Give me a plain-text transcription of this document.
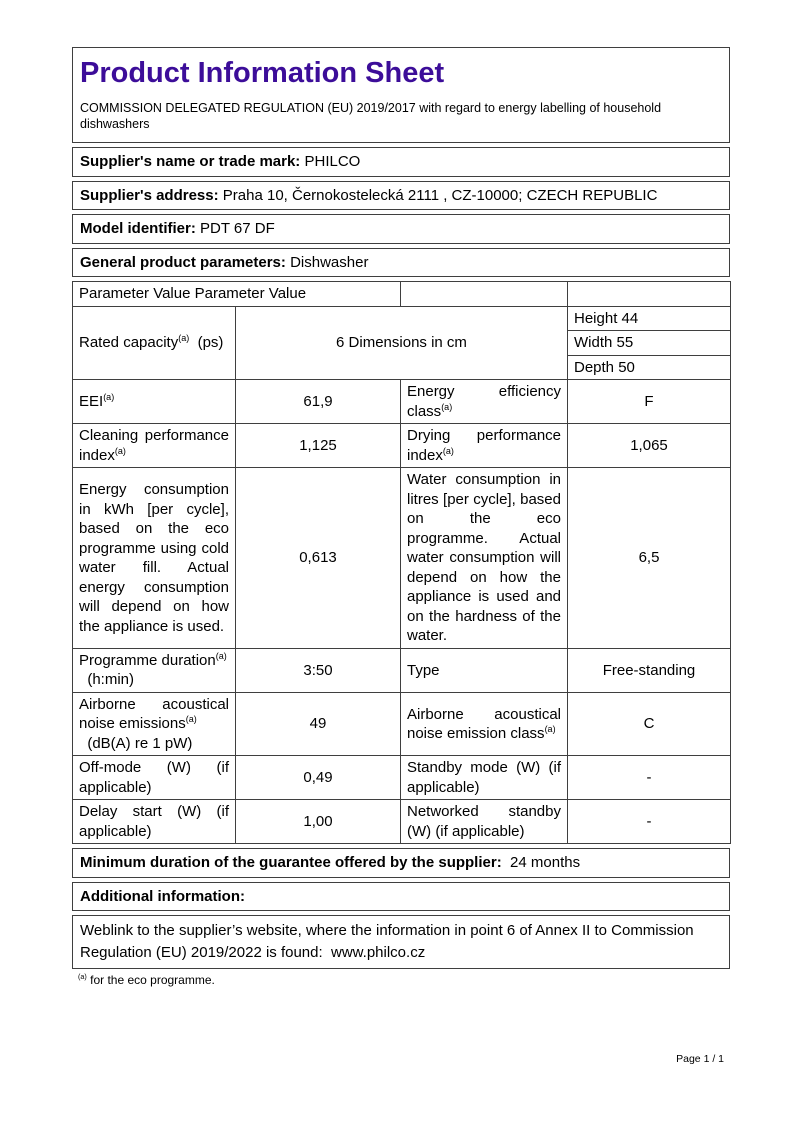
Product Information Sheet
COMMISSION DELEGATED REGULATION (EU) 2019/2017 with regard to energy labelling of household dishwashers
Supplier's name or trade mark: PHILCO
Supplier's address: Praha 10, Černokostelecká 2111 , CZ-10000; CZECH REPUBLIC
Model identifier: PDT 67 DF
General product parameters: Dishwasher
Parameter Value Parameter Value			
Rated capacity$^{(a)}$  (ps)	6 Dimensions in cm		Height 44
			Width 55
			Depth 50
EEI$^{(a)}$	61,9	Energy efficiency class$^{(a)}$	F
Cleaning performance index$^{(a)}$	1,125	Drying performance index$^{(a)}$	1,065
Energy consumption in kWh [per cycle], based on the eco programme using cold water fill. Actual energy consumption will depend on how the appliance is used.	0,613	Water consumption in litres [per cycle], based on the eco programme. Actual water consumption will depend on how the appliance is used and on the hardness of the water.	6,5
Programme duration$^{(a)}$
(h:min)	3:50	Type	Free-standing
Airborne acoustical noise emissions$^{(a)}$
(dB(A) re 1 pW)	49	Airborne acoustical noise emission class$^{(a)}$	C
Off-mode (W) (if applicable)	0,49	Standby mode (W) (if applicable)	-
Delay start (W) (if applicable)	1,00	Networked standby (W) (if applicable)	-
Minimum duration of the guarantee offered by the supplier:  24 months
Additional information:
Weblink to the supplier’s website, where the information in point 6 of Annex II to Commission
Regulation (EU) 2019/2022 is found:  www.philco.cz
$^{(a)}$ for the eco programme.
Page 1 / 1
